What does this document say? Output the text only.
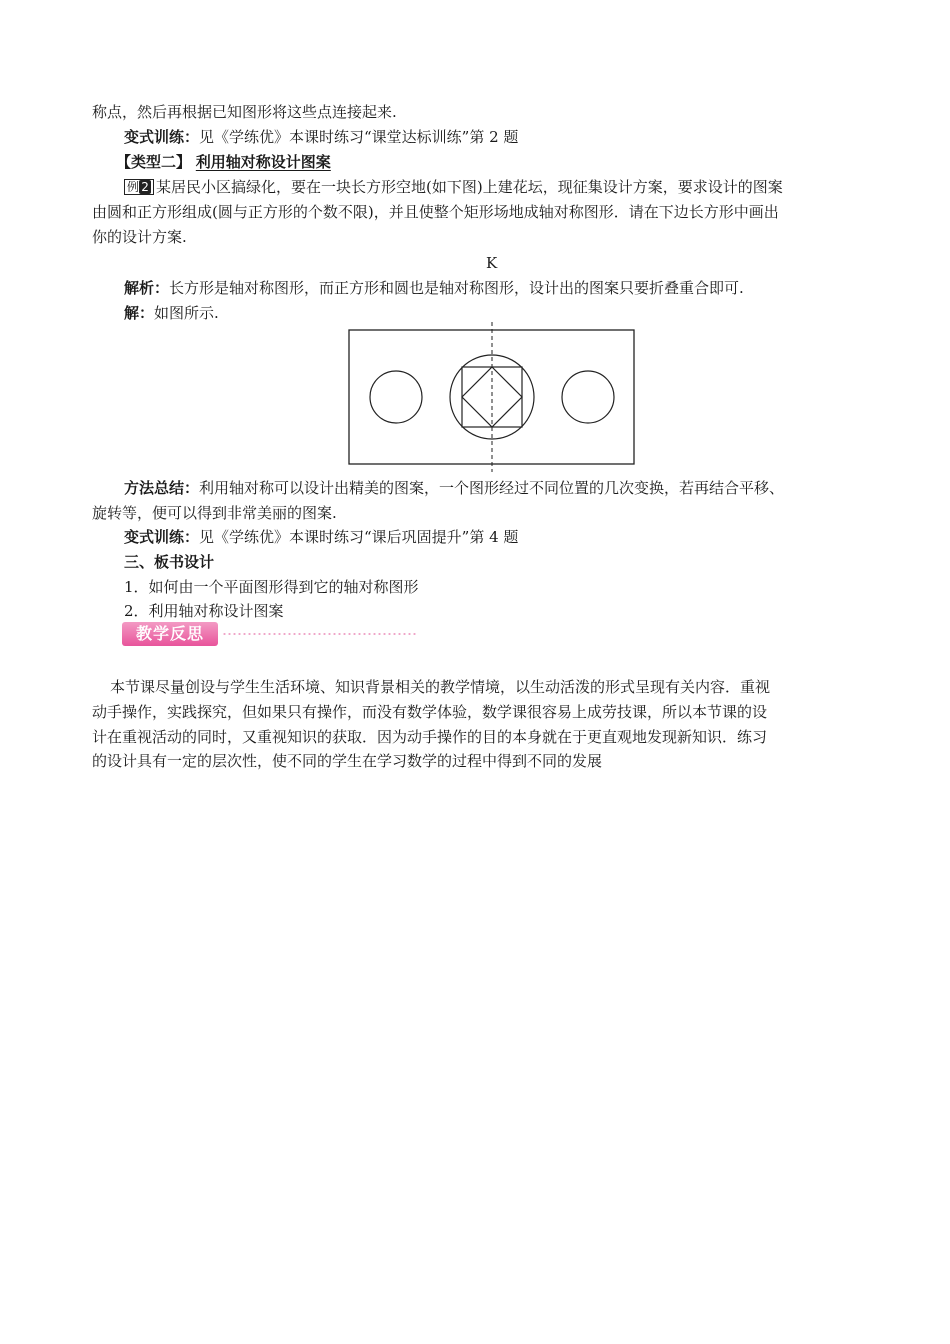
称点，然后再根据已知图形将这些点连接起来.
变式训练：见《学练优》本课时练习“课堂达标训练”第 2 题
【类型二】 利用轴对称设计图案
例 2 某居民小区搞绿化，要在一块长方形空地(如下图)上建花坛，现征集设计方案，要求设计的图案
由圆和正方形组成(圆与正方形的个数不限)，并且使整个矩形场地成轴对称图形．请在下边长方形中画出
你的设计方案.
K
解析：长方形是轴对称图形，而正方形和圆也是轴对称图形，设计出的图案只要折叠重合即可.
解：如图所示.
方法总结：利用轴对称可以设计出精美的图案，一个图形经过不同位置的几次变换，若再结合平移、
旋转等，便可以得到非常美丽的图案.
变式训练：见《学练优》本课时练习“课后巩固提升”第 4 题
三、板书设计
1．如何由一个平面图形得到它的轴对称图形
2．利用轴对称设计图案
教学反思
本节课尽量创设与学生生活环境、知识背景相关的教学情境，以生动活泼的形式呈现有关内容．重视
动手操作，实践探究，但如果只有操作，而没有数学体验，数学课很容易上成劳技课，所以本节课的设
计在重视活动的同时，又重视知识的获取．因为动手操作的目的本身就在于更直观地发现新知识．练习
的设计具有一定的层次性，使不同的学生在学习数学的过程中得到不同的发展
